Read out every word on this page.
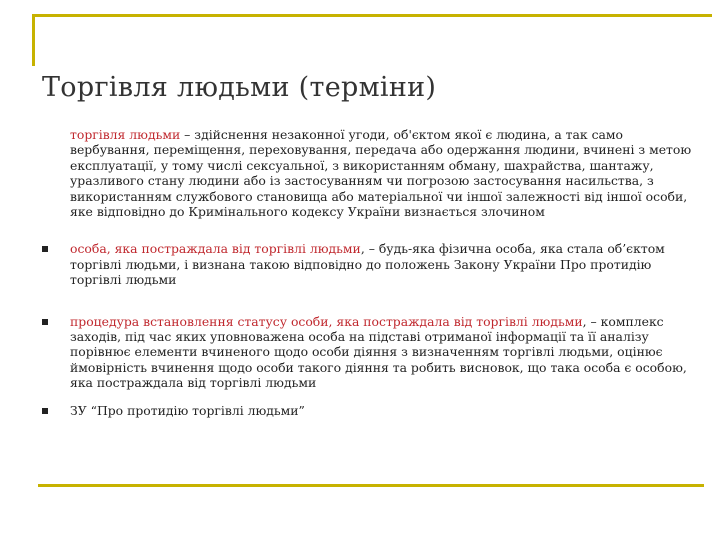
Торгівля людьми (терміни)
торгівля людьми – здійснення незаконної угоди, об'єктом якої є людина, а так само вербування, переміщення, переховування, передача або одержання людини, вчинені з метою експлуатації, у тому числі сексуальної, з використанням обману, шахрайства, шантажу, уразливого стану людини або із застосуванням чи погрозою застосування насильства, з використанням службового становища або матеріальної чи іншої залежності від іншої особи, яке відповідно до Кримінального кодексу України визнається злочином
особа, яка постраждала від торгівлі людьми, – будь-яка фізична особа, яка стала об’єктом торгівлі людьми, і визнана такою відповідно до положень Закону України Про протидію торгівлі людьми
процедура встановлення статусу особи, яка постраждала від торгівлі людьми, – комплекс заходів, під час яких уповноважена особа на підставі отриманої інформації та її аналізу порівнює елементи вчиненого щодо особи діяння з визначенням торгівлі людьми, оцінює ймовірність вчинення щодо особи такого діяння та робить висновок, що така особа є особою, яка постраждала від торгівлі людьми
ЗУ “Про протидію торгівлі людьми”
